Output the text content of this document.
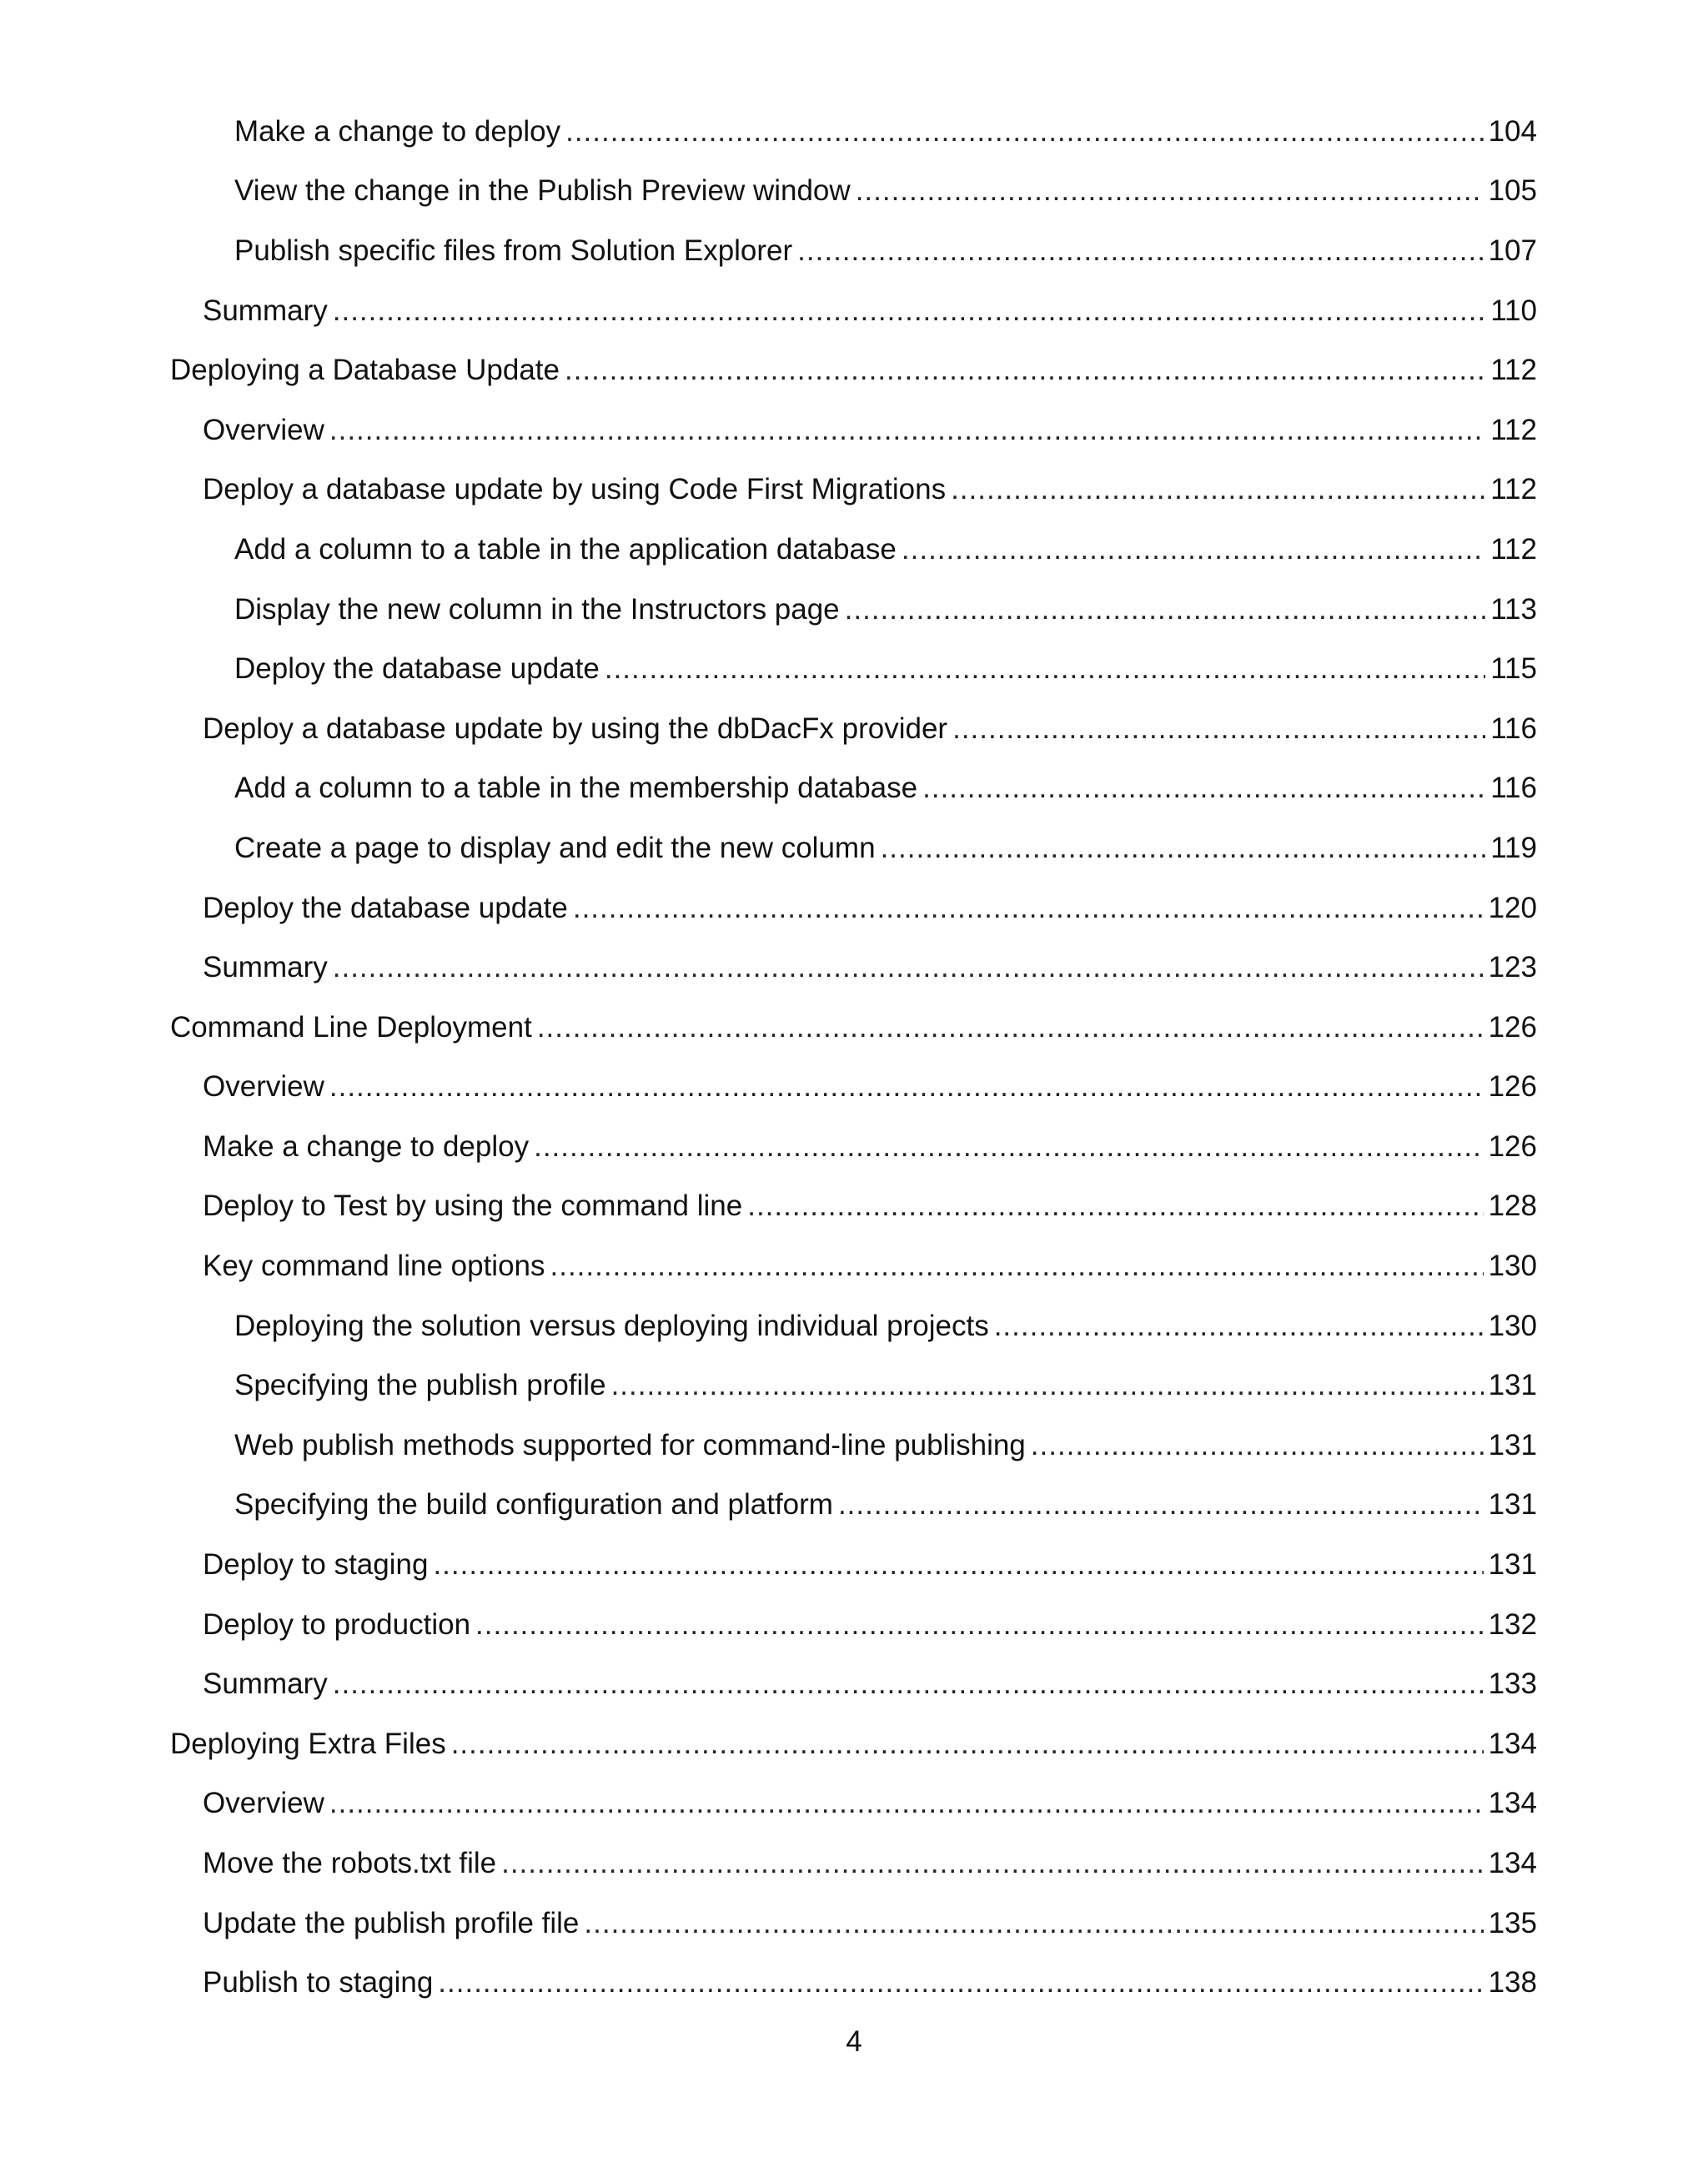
Make a change to deploy .....	104
View the change in the Publish Preview window .....	105
Publish specific files from Solution Explorer .....	107
Summary .....	110
Deploying a Database Update .....	112
Overview .....	112
Deploy a database update by using Code First Migrations .....	112
Add a column to a table in the application database .....	112
Display the new column in the Instructors page .....	113
Deploy the database update .....	115
Deploy a database update by using the dbDacFx provider .....	116
Add a column to a table in the membership database .....	116
Create a page to display and edit the new column .....	119
Deploy the database update .....	120
Summary .....	123
Command Line Deployment .....	126
Overview .....	126
Make a change to deploy .....	126
Deploy to Test by using the command line .....	128
Key command line options .....	130
Deploying the solution versus deploying individual projects .....	130
Specifying the publish profile .....	131
Web publish methods supported for command-line publishing .....	131
Specifying the build configuration and platform .....	131
Deploy to staging .....	131
Deploy to production .....	132
Summary .....	133
Deploying Extra Files .....	134
Overview .....	134
Move the robots.txt file .....	134
Update the publish profile file .....	135
Publish to staging .....	138
4
